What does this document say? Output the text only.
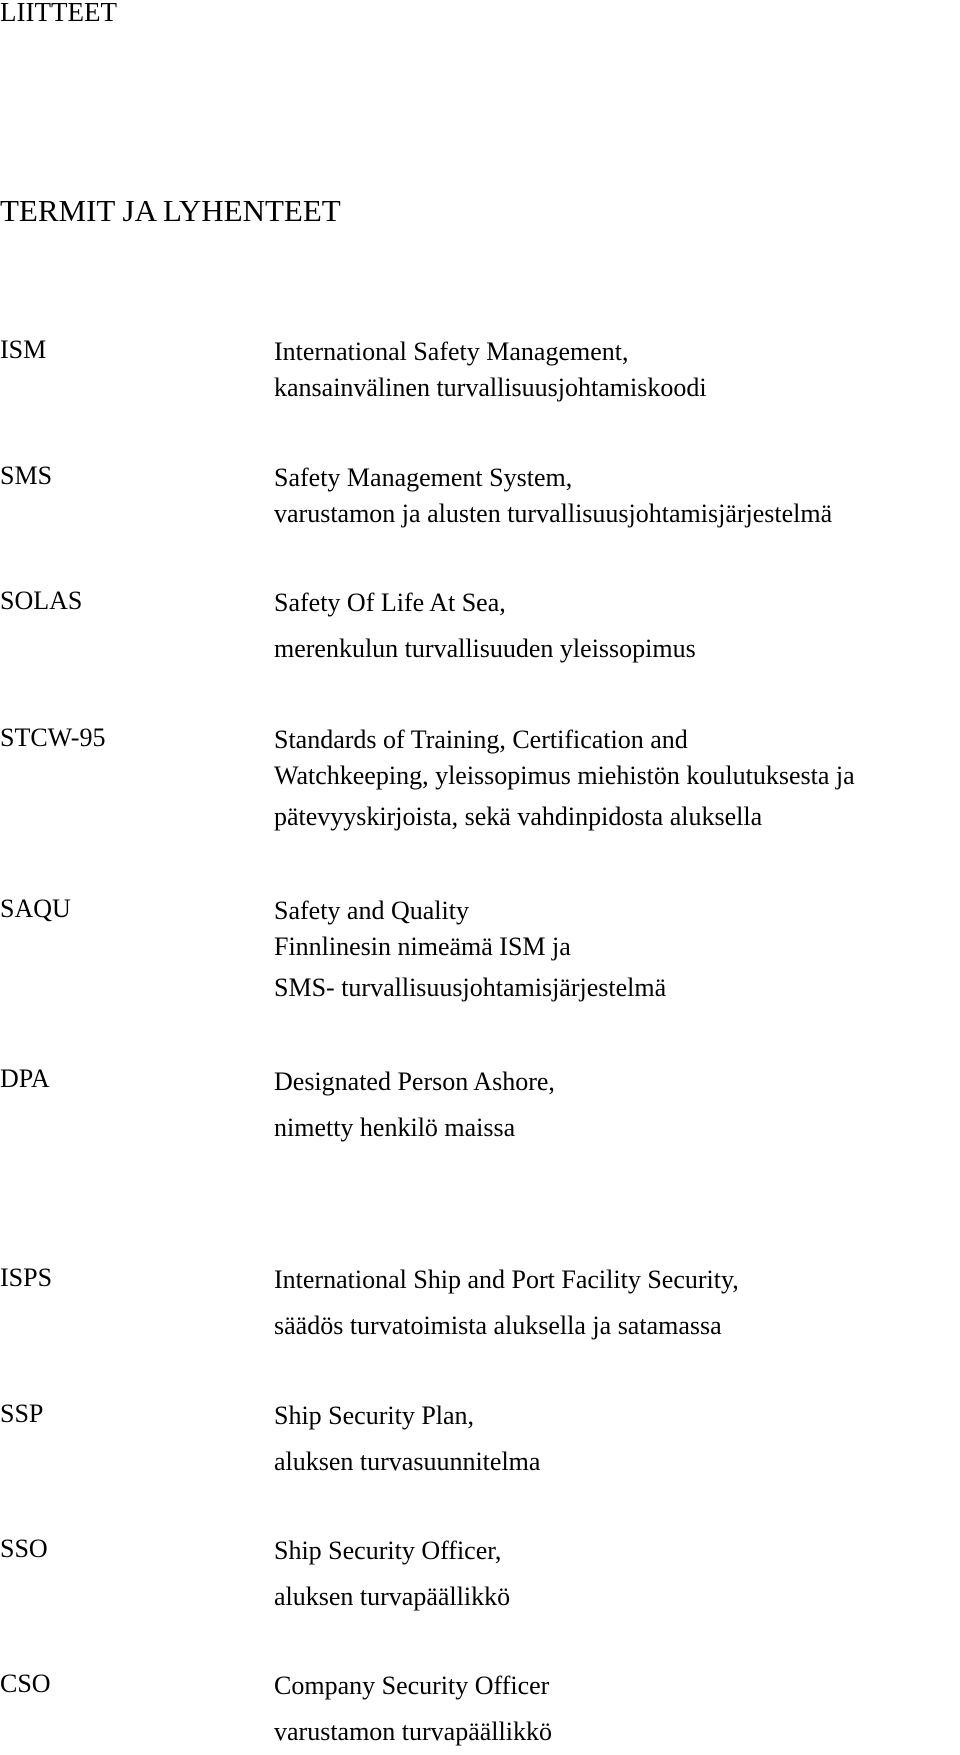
LIITTEET
TERMIT JA LYHENTEET
ISM	International Safety Management,
kansainvälinen turvallisuusjohtamiskoodi
SMS	Safety Management System,
varustamon ja alusten turvallisuusjohtamisjärjestelmä
SOLAS	Safety Of Life At Sea,
merenkulun turvallisuuden yleissopimus
STCW-95	Standards of Training, Certification and
Watchkeeping, yleissopimus miehistön koulutuksesta ja
pätevyyskirjoista, sekä vahdinpidosta aluksella
SAQU	Safety and Quality
Finnlinesin nimeämä ISM ja
SMS- turvallisuusjohtamisjärjestelmä
DPA	Designated Person Ashore,
nimetty henkilö maissa
ISPS	International Ship and Port Facility Security,
säädös turvatoimista aluksella ja satamassa
SSP	Ship Security Plan,
aluksen turvasuunnitelma
SSO	Ship Security Officer,
aluksen turvapäällikkö
CSO	Company Security Officer
varustamon turvapäällikkö
